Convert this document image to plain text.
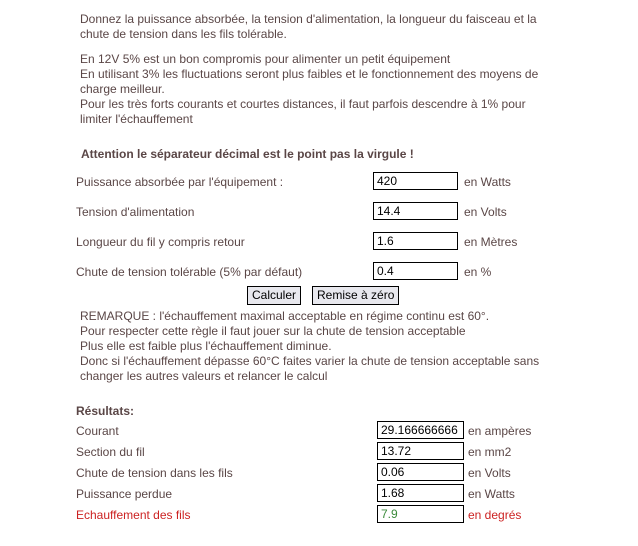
Donnez la puissance absorbée, la tension d'alimentation, la longueur du faisceau et la
chute de tension dans les fils tolérable.
En 12V 5% est un bon compromis pour alimenter un petit équipement
En utilisant 3% les fluctuations seront plus faibles et le fonctionnement des moyens de
charge meilleur.
Pour les très forts courants et courtes distances, il faut parfois descendre à 1% pour
limiter l'échauffement
Attention le séparateur décimal est le point pas la virgule !
Puissance absorbée par l'équipement :
420	en Watts
Tension d'alimentation
14.4	en Volts
Longueur du fil y compris retour
1.6	en Mètres
Chute de tension tolérable (5% par défaut)
0.4	en %
Calculer	Remise à zéro
REMARQUE : l'échauffement maximal acceptable en régime continu est 60°.
Pour respecter cette règle il faut jouer sur la chute de tension acceptable
Plus elle est faible plus l'échauffement diminue.
Donc si l'échauffement dépasse 60°C faites varier la chute de tension acceptable sans
changer les autres valeurs et relancer le calcul
Résultats:
Courant
29.166666666	en ampères
Section du fil
13.72	en mm2
Chute de tension dans les fils
0.06	en Volts
Puissance perdue
1.68	en Watts
Echauffement des fils
7.9	en degrés
